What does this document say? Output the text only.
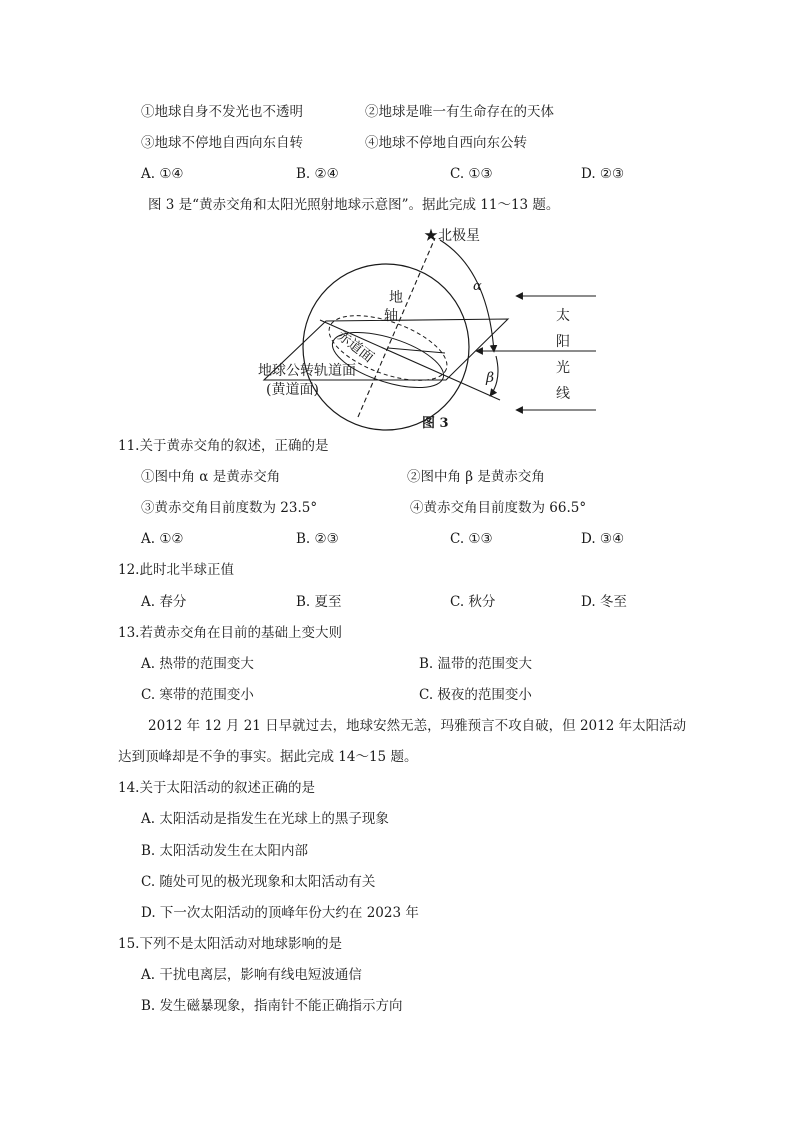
①地球自身不发光也不透明	②地球是唯一有生命存在的天体
③地球不停地自西向东自转	④地球不停地自西向东公转
A. ①④	B. ②④	C. ①③	D. ②③
图 3 是“黄赤交角和太阳光照射地球示意图”。据此完成 11～13 题。
★北极星
地
轴
赤道面
地球公转轨道面
(黄道面)
α
β
太
阳
光
线
图 3
11.关于黄赤交角的叙述，正确的是
①图中角 α 是黄赤交角	②图中角 β 是黄赤交角
③黄赤交角目前度数为 23.5°	④黄赤交角目前度数为 66.5°
A. ①②	B. ②③	C. ①③	D. ③④
12.此时北半球正值
A. 春分	B. 夏至	C. 秋分	D. 冬至
13.若黄赤交角在目前的基础上变大则
A. 热带的范围变大	B. 温带的范围变大
C. 寒带的范围变小	C. 极夜的范围变小
2012 年 12 月 21 日早就过去，地球安然无恙，玛雅预言不攻自破，但 2012 年太阳活动
达到顶峰却是不争的事实。据此完成 14～15 题。
14.关于太阳活动的叙述正确的是
A. 太阳活动是指发生在光球上的黑子现象
B. 太阳活动发生在太阳内部
C. 随处可见的极光现象和太阳活动有关
D. 下一次太阳活动的顶峰年份大约在 2023 年
15.下列不是太阳活动对地球影响的是
A. 干扰电离层，影响有线电短波通信
B. 发生磁暴现象，指南针不能正确指示方向
